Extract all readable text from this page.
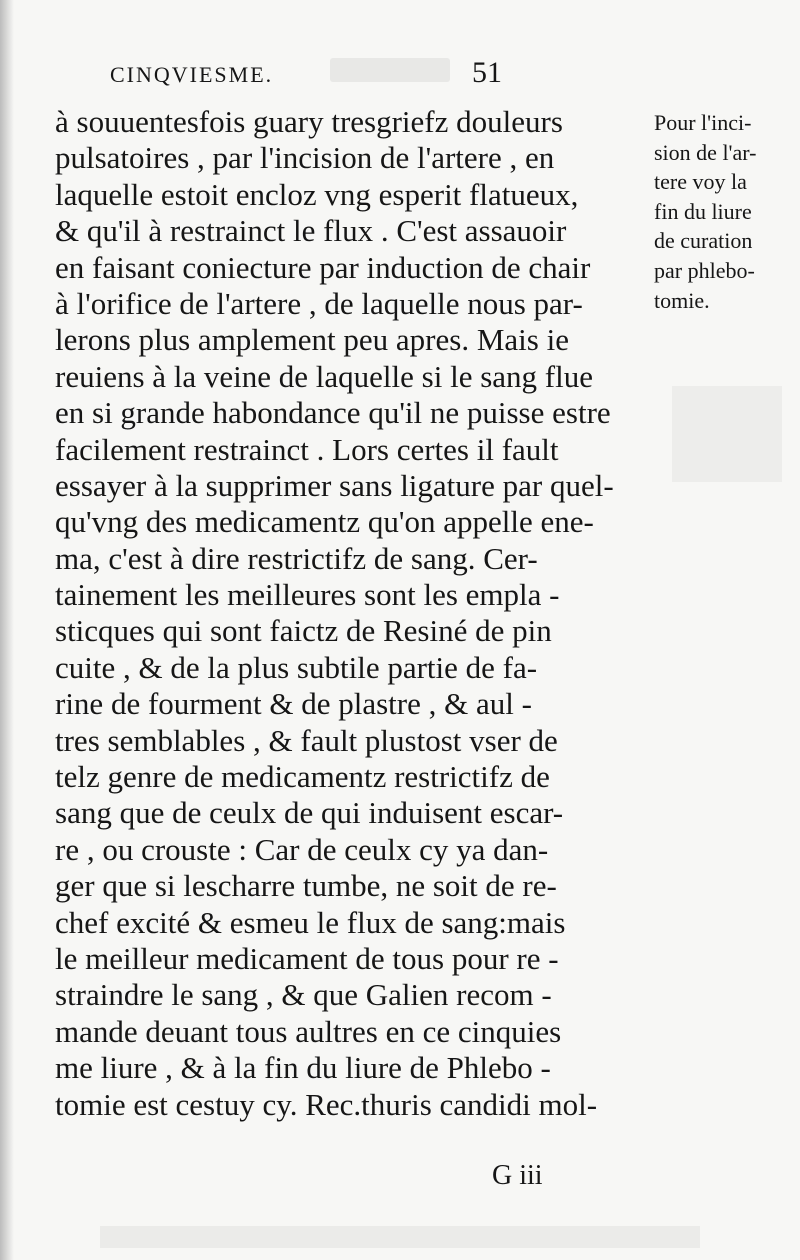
CINQVIESME.	51
à souuentesfois guary tresgriefz douleurs
pulsatoires , par l'incision de l'artere , en
laquelle estoit encloz vng esperit flatueux,
& qu'il à restrainct le flux . C'est assauoir
en faisant coniecture par induction de chair
à l'orifice de l'artere , de laquelle nous par-
lerons plus amplement peu apres. Mais ie
reuiens à la veine de laquelle si le sang flue
en si grande habondance qu'il ne puisse estre
facilement restrainct . Lors certes il fault
essayer à la supprimer sans ligature par quel-
qu'vng des medicamentz qu'on appelle ene-
ma, c'est à dire restrictifz de sang. Cer-
tainement les meilleures sont les empla -
sticques qui sont faictz de Resiné de pin
cuite , & de la plus subtile partie de fa-
rine de fourment & de plastre , & aul -
tres semblables , & fault plustost vser de
telz genre de medicamentz restrictifz de
sang que de ceulx de qui induisent escar-
re , ou crouste : Car de ceulx cy ya dan-
ger que si lescharre tumbe, ne soit de re-
chef excité & esmeu le flux de sang:mais
le meilleur medicament de tous pour re -
straindre le sang , & que Galien recom -
mande deuant tous aultres en ce cinquies
me liure , & à la fin du liure de Phlebo -
tomie est cestuy cy. Rec.thuris candidi mol-
G iii
Pour l'inci-
sion de l'ar-
tere voy la
fin du liure
de curation
par phlebo-
tomie.
